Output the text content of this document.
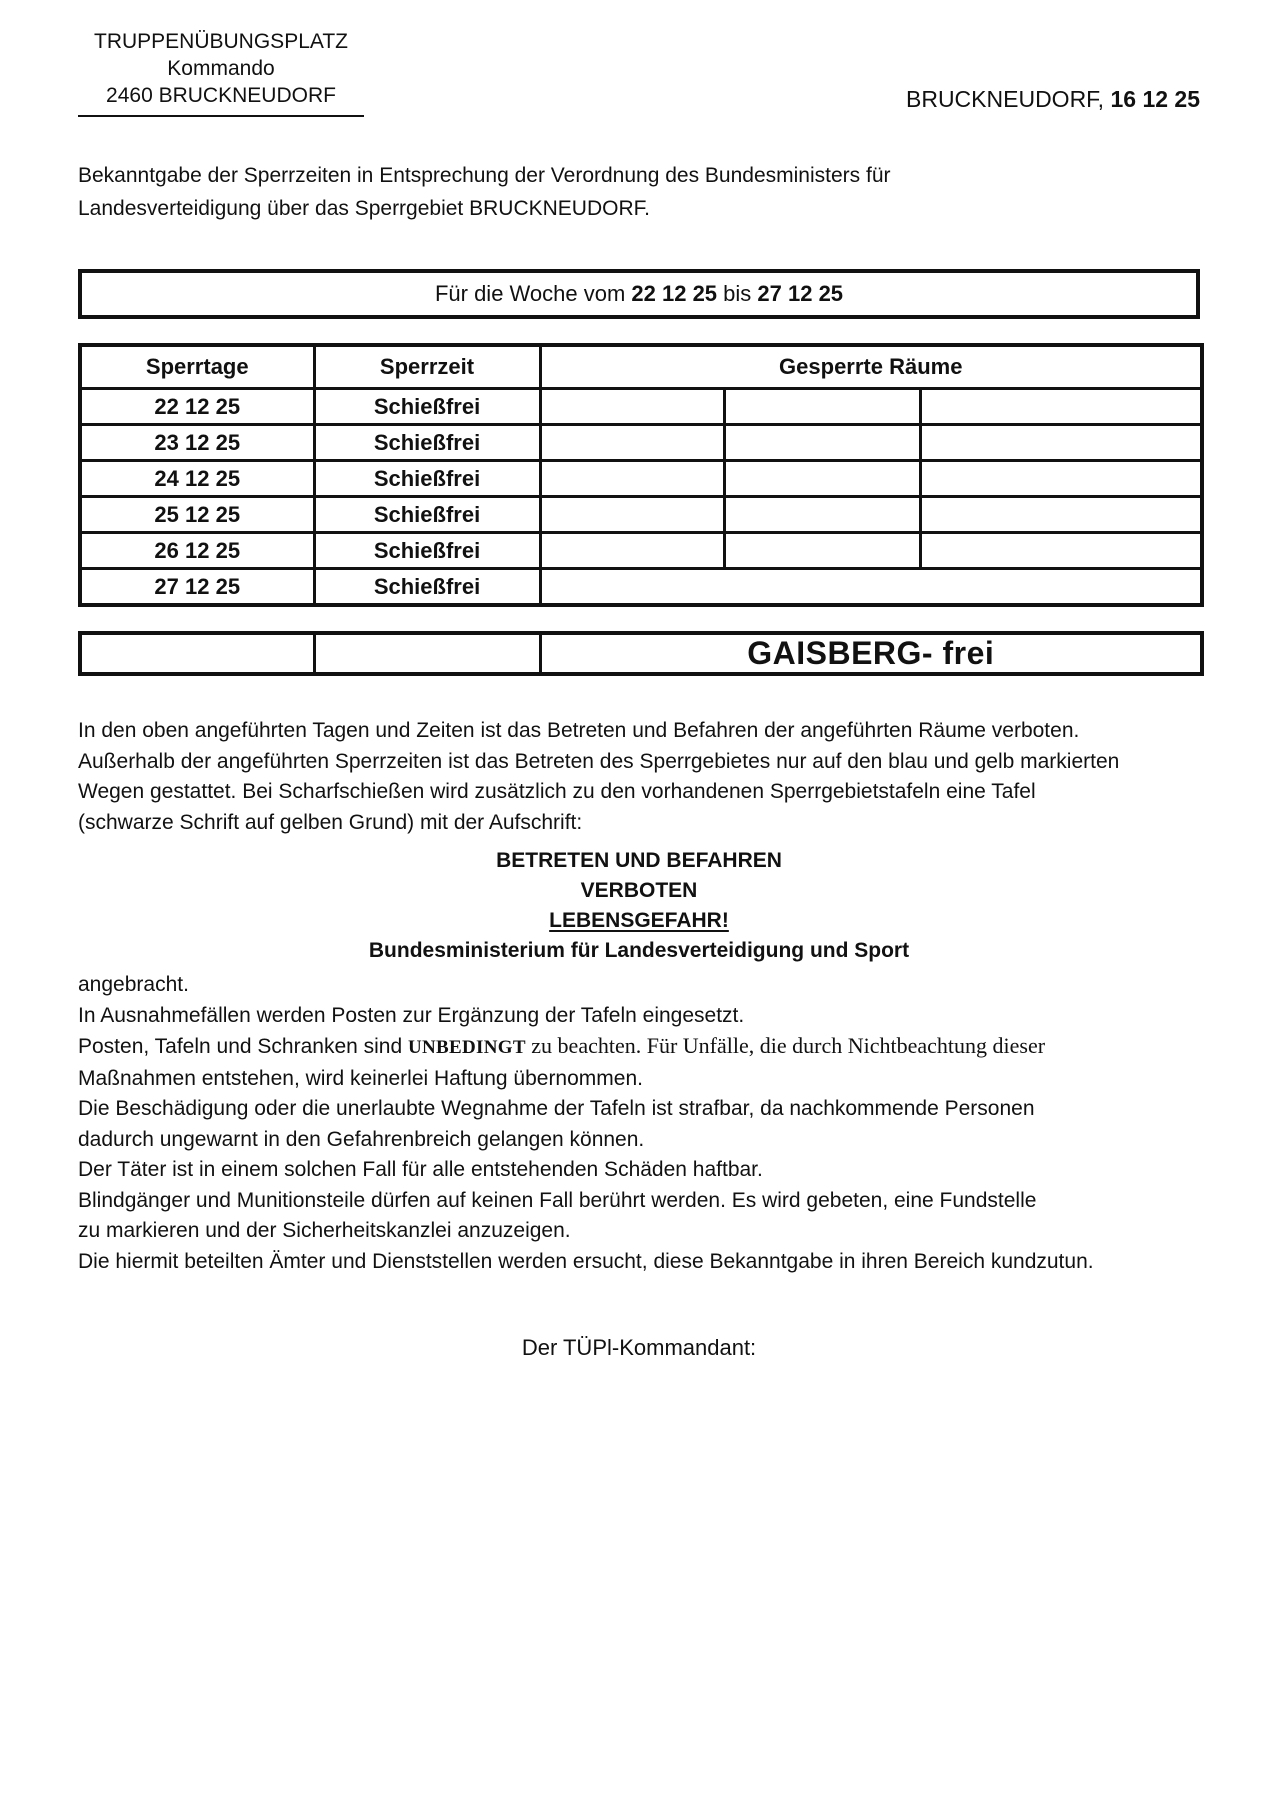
TRUPPENÜBUNGSPLATZ
Kommando
2460 BRUCKNEUDORF	BRUCKNEUDORF, 16 12 25

Bekanntgabe der Sperrzeiten in Entsprechung der Verordnung des Bundesministers für Landesverteidigung über das Sperrgebiet BRUCKNEUDORF.

Für die Woche vom 22 12 25 bis 27 12 25
Sperrtage	Sperrzeit	Gesperrte Räume		
22 12 25	Schießfrei			
23 12 25	Schießfrei			
24 12 25	Schießfrei			
25 12 25	Schießfrei			
26 12 25	Schießfrei			
27 12 25	Schießfrei			
		GAISBERG- frei
In den oben angeführten Tagen und Zeiten ist das Betreten und Befahren der angeführten Räume verboten.
Außerhalb der angeführten Sperrzeiten ist das Betreten des Sperrgebietes nur auf den blau und gelb markierten
Wegen gestattet. Bei Scharfschießen wird zusätzlich zu den vorhandenen Sperrgebietstafeln eine Tafel
(schwarze Schrift auf gelben Grund) mit der Aufschrift:
BETRETEN UND BEFAHREN
VERBOTEN
LEBENSGEFAHR!
Bundesministerium für Landesverteidigung und Sport
angebracht.
In Ausnahmefällen werden Posten zur Ergänzung der Tafeln eingesetzt.
Posten, Tafeln und Schranken sind UNBEDINGT zu beachten. Für Unfälle, die durch Nichtbeachtung dieser
Maßnahmen entstehen, wird keinerlei Haftung übernommen.
Die Beschädigung oder die unerlaubte Wegnahme der Tafeln ist strafbar, da nachkommende Personen
dadurch ungewarnt in den Gefahrenbreich gelangen können.
Der Täter ist in einem solchen Fall für alle entstehenden Schäden haftbar.
Blindgänger und Munitionsteile dürfen auf keinen Fall berührt werden. Es wird gebeten, eine Fundstelle
zu markieren und der Sicherheitskanzlei anzuzeigen.
Die hiermit beteilten Ämter und Dienststellen werden ersucht, diese Bekanntgabe in ihren Bereich kundzutun.
Der TÜPl-Kommandant:
